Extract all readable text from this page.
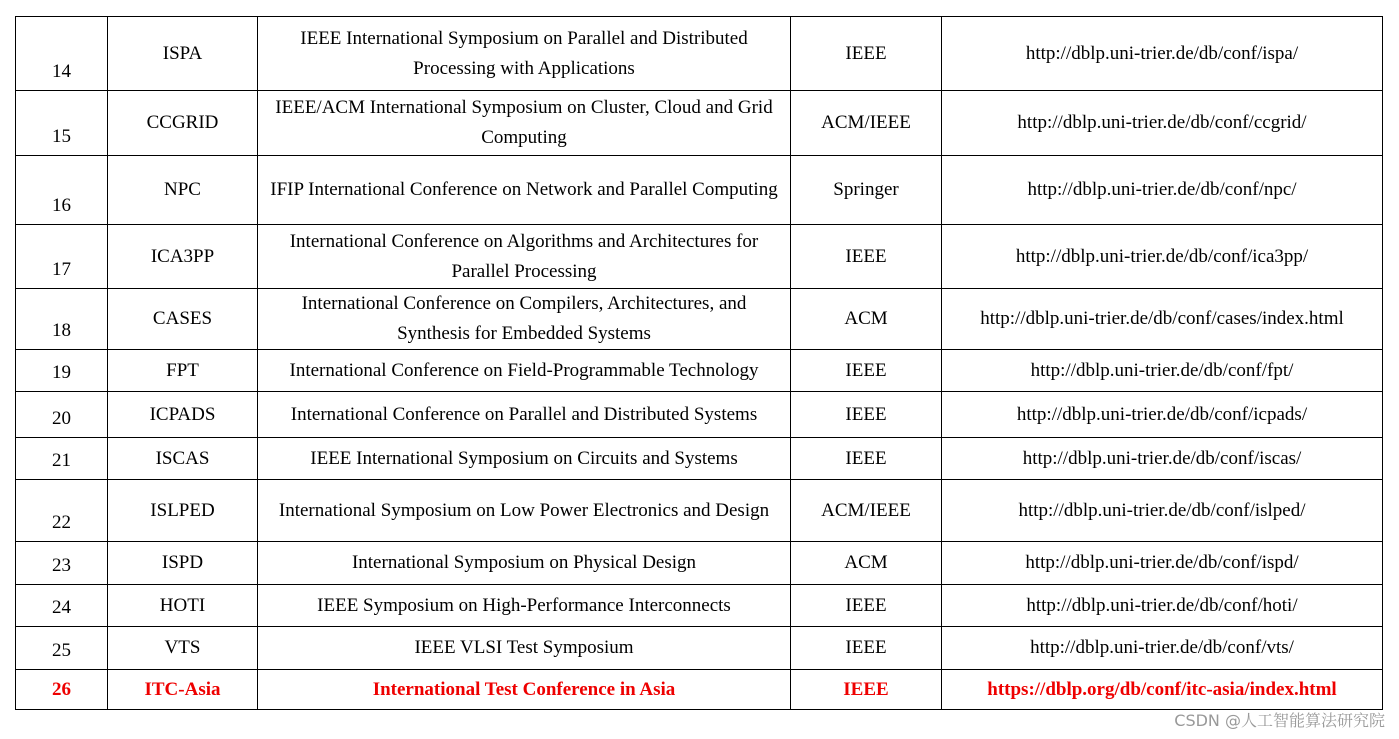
14	ISPA	IEEE International Symposium on Parallel and Distributed Processing with Applications	IEEE	http://dblp.uni-trier.de/db/conf/ispa/
15	CCGRID	IEEE/ACM International Symposium on Cluster, Cloud and Grid Computing	ACM/IEEE	http://dblp.uni-trier.de/db/conf/ccgrid/
16	NPC	IFIP International Conference on Network and Parallel Computing	Springer	http://dblp.uni-trier.de/db/conf/npc/
17	ICA3PP	International Conference on Algorithms and Architectures for Parallel Processing	IEEE	http://dblp.uni-trier.de/db/conf/ica3pp/
18	CASES	International Conference on Compilers, Architectures, and Synthesis for Embedded Systems	ACM	http://dblp.uni-trier.de/db/conf/cases/index.html
19	FPT	International Conference on Field-Programmable Technology	IEEE	http://dblp.uni-trier.de/db/conf/fpt/
20	ICPADS	International Conference on Parallel and Distributed Systems	IEEE	http://dblp.uni-trier.de/db/conf/icpads/
21	ISCAS	IEEE International Symposium on Circuits and Systems	IEEE	http://dblp.uni-trier.de/db/conf/iscas/
22	ISLPED	International Symposium on Low Power Electronics and Design	ACM/IEEE	http://dblp.uni-trier.de/db/conf/islped/
23	ISPD	International Symposium on Physical Design	ACM	http://dblp.uni-trier.de/db/conf/ispd/
24	HOTI	IEEE Symposium on High-Performance Interconnects	IEEE	http://dblp.uni-trier.de/db/conf/hoti/
25	VTS	IEEE VLSI Test Symposium	IEEE	http://dblp.uni-trier.de/db/conf/vts/
26	ITC-Asia	International Test Conference in Asia	IEEE	https://dblp.org/db/conf/itc-asia/index.html
CSDN @人工智能算法研究院
